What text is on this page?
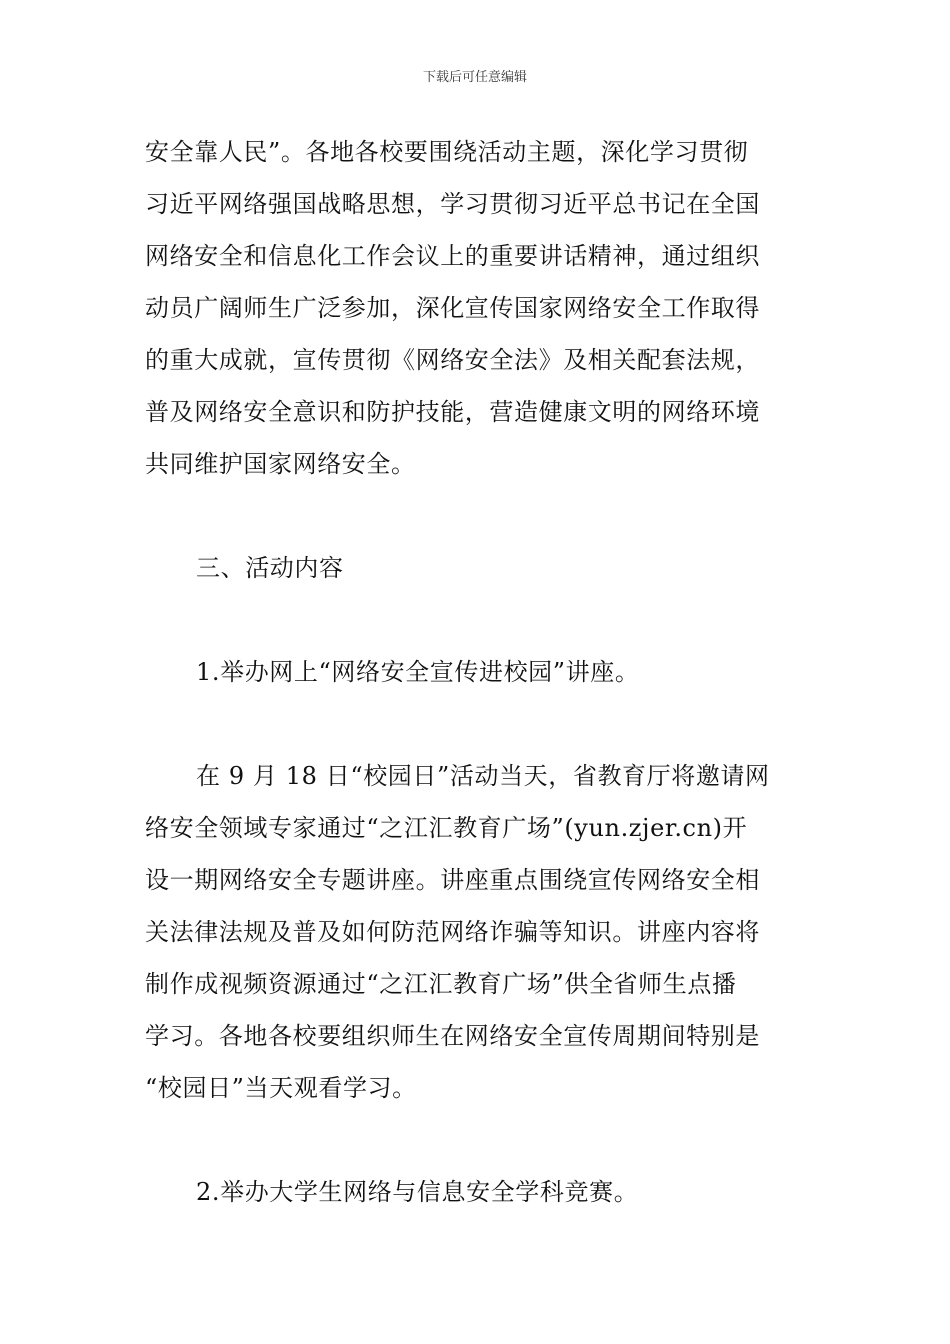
下载后可任意编辑

安全靠人民”。各地各校要围绕活动主题，深化学习贯彻
习近平网络强国战略思想，学习贯彻习近平总书记在全国
网络安全和信息化工作会议上的重要讲话精神，通过组织
动员广阔师生广泛参加，深化宣传国家网络安全工作取得
的重大成就，宣传贯彻《网络安全法》及相关配套法规，
普及网络安全意识和防护技能，营造健康文明的网络环境
共同维护国家网络安全。

三、活动内容

1.举办网上“网络安全宣传进校园”讲座。

在 9 月 18 日“校园日”活动当天，省教育厅将邀请网
络安全领域专家通过“之江汇教育广场”(yun.zjer.cn)开
设一期网络安全专题讲座。讲座重点围绕宣传网络安全相
关法律法规及普及如何防范网络诈骗等知识。讲座内容将
制作成视频资源通过“之江汇教育广场”供全省师生点播
学习。各地各校要组织师生在网络安全宣传周期间特别是
“校园日”当天观看学习。

2.举办大学生网络与信息安全学科竞赛。
